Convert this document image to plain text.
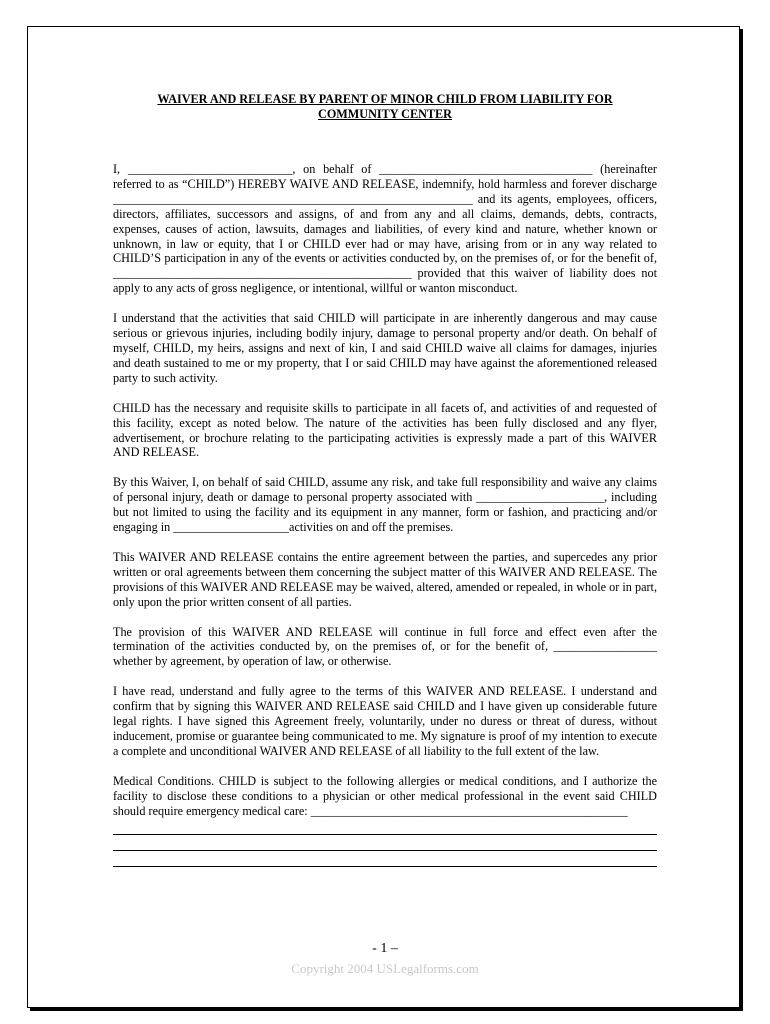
WAIVER AND RELEASE BY PARENT OF MINOR CHILD FROM LIABILITY FOR
COMMUNITY CENTER

I, ___________________________, on behalf of ___________________________________ (hereinafter referred to as “CHILD”) HEREBY WAIVE AND RELEASE, indemnify, hold harmless and forever discharge ___________________________________________________________ and its agents, employees, officers, directors, affiliates, successors and assigns, of and from any and all claims, demands, debts, contracts, expenses, causes of action, lawsuits, damages and liabilities, of every kind and nature, whether known or unknown, in law or equity, that I or CHILD ever had or may have, arising from or in any way related to CHILD’S participation in any of the events or activities conducted by, on the premises of, or for the benefit of, _________________________________________________ provided that this waiver of liability does not apply to any acts of gross negligence, or intentional, willful or wanton misconduct.

I understand that the activities that said CHILD will participate in are inherently dangerous and may cause serious or grievous injuries, including bodily injury, damage to personal property and/or death. On behalf of myself, CHILD, my heirs, assigns and next of kin, I and said CHILD waive all claims for damages, injuries and death sustained to me or my property, that I or said CHILD may have against the aforementioned released party to such activity.

CHILD has the necessary and requisite skills to participate in all facets of, and activities of and requested of this facility, except as noted below. The nature of the activities has been fully disclosed and any flyer, advertisement, or brochure relating to the participating activities is expressly made a part of this WAIVER AND RELEASE.

By this Waiver, I, on behalf of said CHILD, assume any risk, and take full responsibility and waive any claims of personal injury, death or damage to personal property associated with _____________________, including but not limited to using the facility and its equipment in any manner, form or fashion, and practicing and/or engaging in ___________________activities on and off the premises.

This WAIVER AND RELEASE contains the entire agreement between the parties, and supercedes any prior written or oral agreements between them concerning the subject matter of this WAIVER AND RELEASE. The provisions of this WAIVER AND RELEASE may be waived, altered, amended or repealed, in whole or in part, only upon the prior written consent of all parties.

The provision of this WAIVER AND RELEASE will continue in full force and effect even after the termination of the activities conducted by, on the premises of, or for the benefit of, _________________ whether by agreement, by operation of law, or otherwise.

I have read, understand and fully agree to the terms of this WAIVER AND RELEASE. I understand and confirm that by signing this WAIVER AND RELEASE said CHILD and I have given up considerable future legal rights. I have signed this Agreement freely, voluntarily, under no duress or threat of duress, without inducement, promise or guarantee being communicated to me. My signature is proof of my intention to execute a complete and unconditional WAIVER AND RELEASE of all liability to the full extent of the law.

Medical Conditions. CHILD is subject to the following allergies or medical conditions, and I authorize the facility to disclose these conditions to a physician or other medical professional in the event said CHILD should require emergency medical care: ____________________________________________________

- 1 –
Copyright 2004 USLegalforms.com
